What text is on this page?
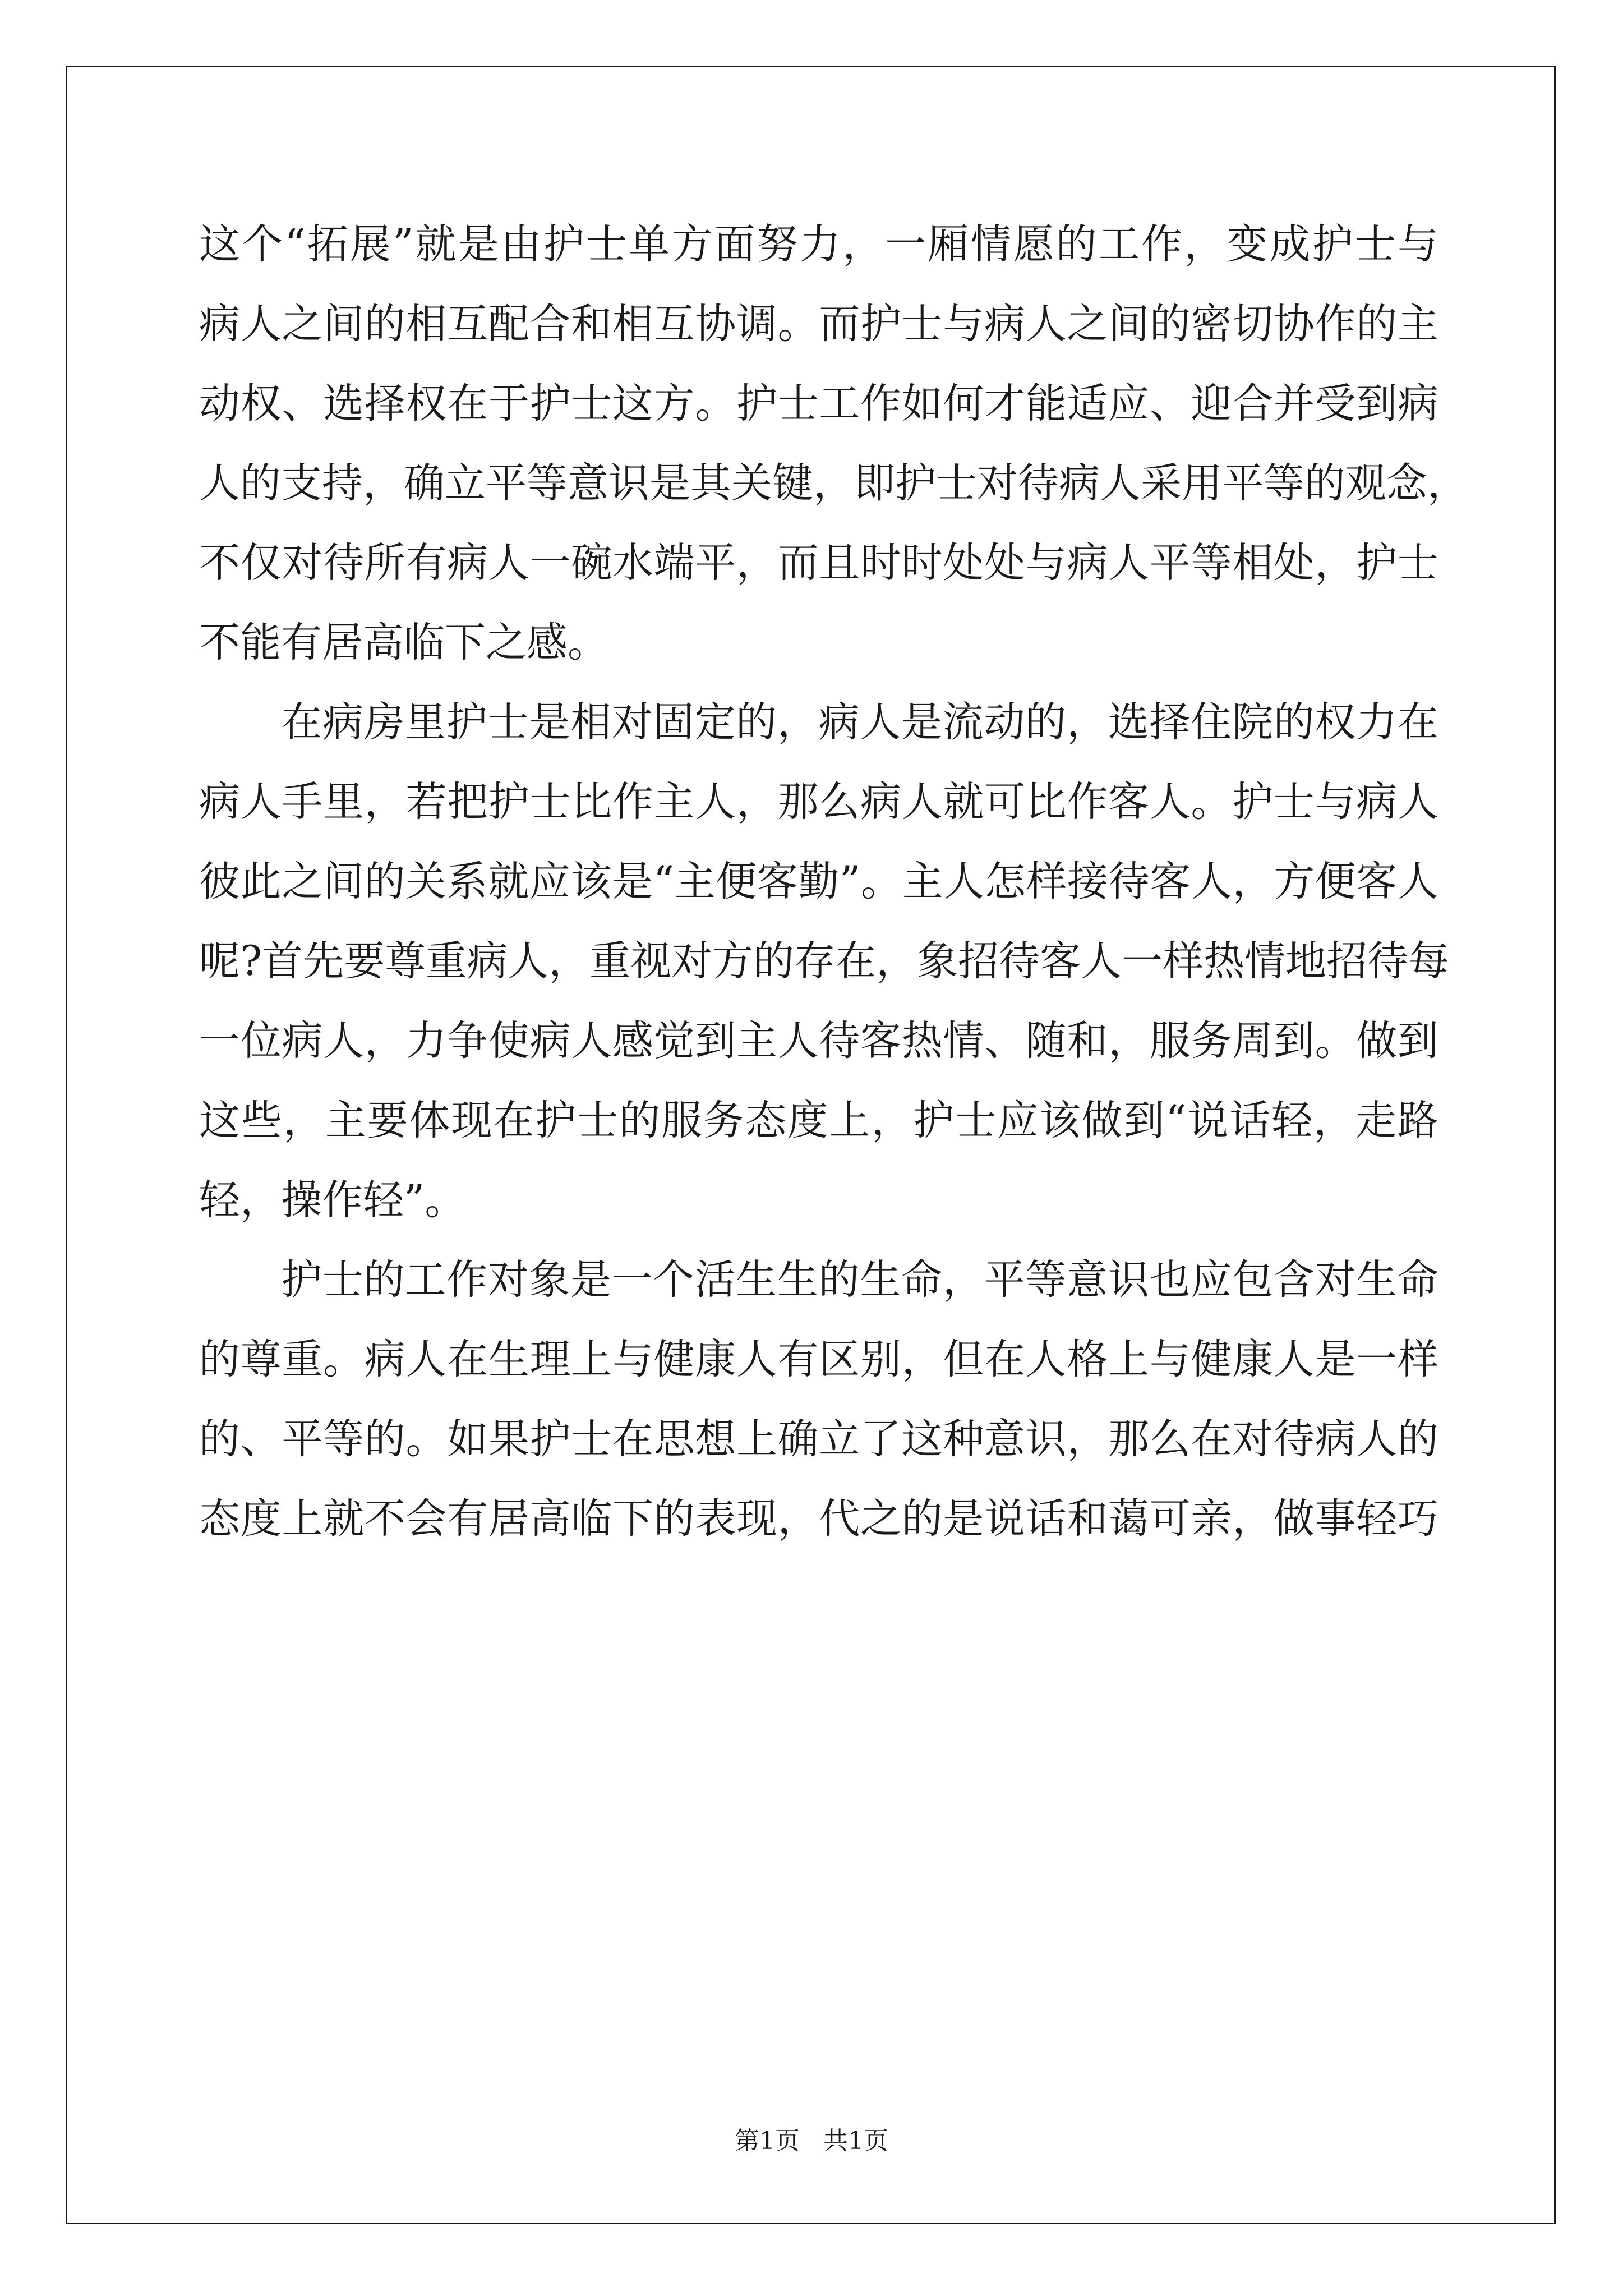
这个“拓展”就是由护士单方面努力，一厢情愿的工作，变成护士与
病人之间的相互配合和相互协调。而护士与病人之间的密切协作的主
动权、选择权在于护士这方。护士工作如何才能适应、迎合并受到病
人的支持，确立平等意识是其关键，即护士对待病人采用平等的观念，
不仅对待所有病人一碗水端平，而且时时处处与病人平等相处，护士
不能有居高临下之感。

在病房里护士是相对固定的，病人是流动的，选择住院的权力在
病人手里，若把护士比作主人，那么病人就可比作客人。护士与病人
彼此之间的关系就应该是“主便客勤”。主人怎样接待客人，方便客人
呢?首先要尊重病人，重视对方的存在，象招待客人一样热情地招待每
一位病人，力争使病人感觉到主人待客热情、随和，服务周到。做到
这些，主要体现在护士的服务态度上，护士应该做到“说话轻，走路
轻，操作轻”。

护士的工作对象是一个活生生的生命，平等意识也应包含对生命
的尊重。病人在生理上与健康人有区别，但在人格上与健康人是一样
的、平等的。如果护士在思想上确立了这种意识，那么在对待病人的
态度上就不会有居高临下的表现，代之的是说话和蔼可亲，做事轻巧

第1页   共1页
